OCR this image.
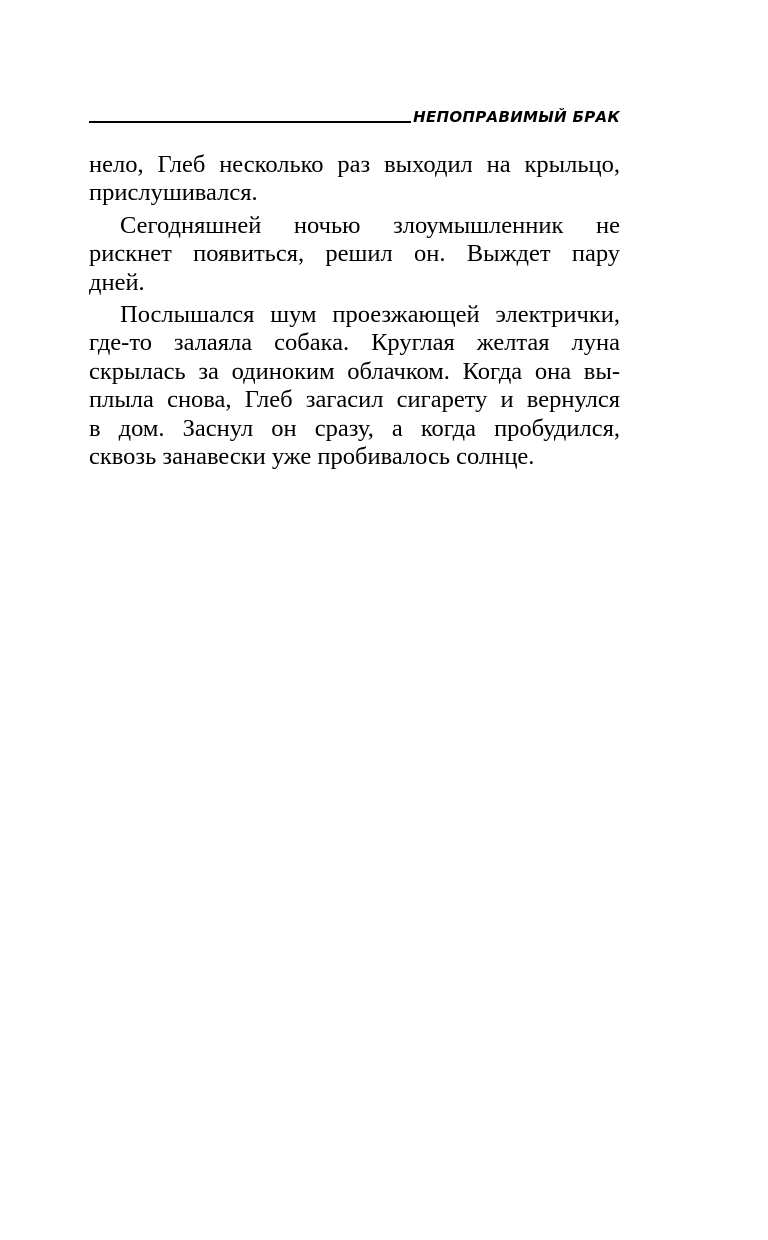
НЕПОПРАВИМЫЙ БРАК

нело, Глеб несколько раз выходил на крыльцо,
прислушивался.

Сегодняшней ночью злоумышленник не
рискнет появиться, решил он. Выждет пару
дней.

Послышался шум проезжающей электрички,
где-то залаяла собака. Круглая желтая луна
скрылась за одиноким облачком. Когда она вы-
плыла снова, Глеб загасил сигарету и вернулся
в дом. Заснул он сразу, а когда пробудился,
сквозь занавески уже пробивалось солнце.
